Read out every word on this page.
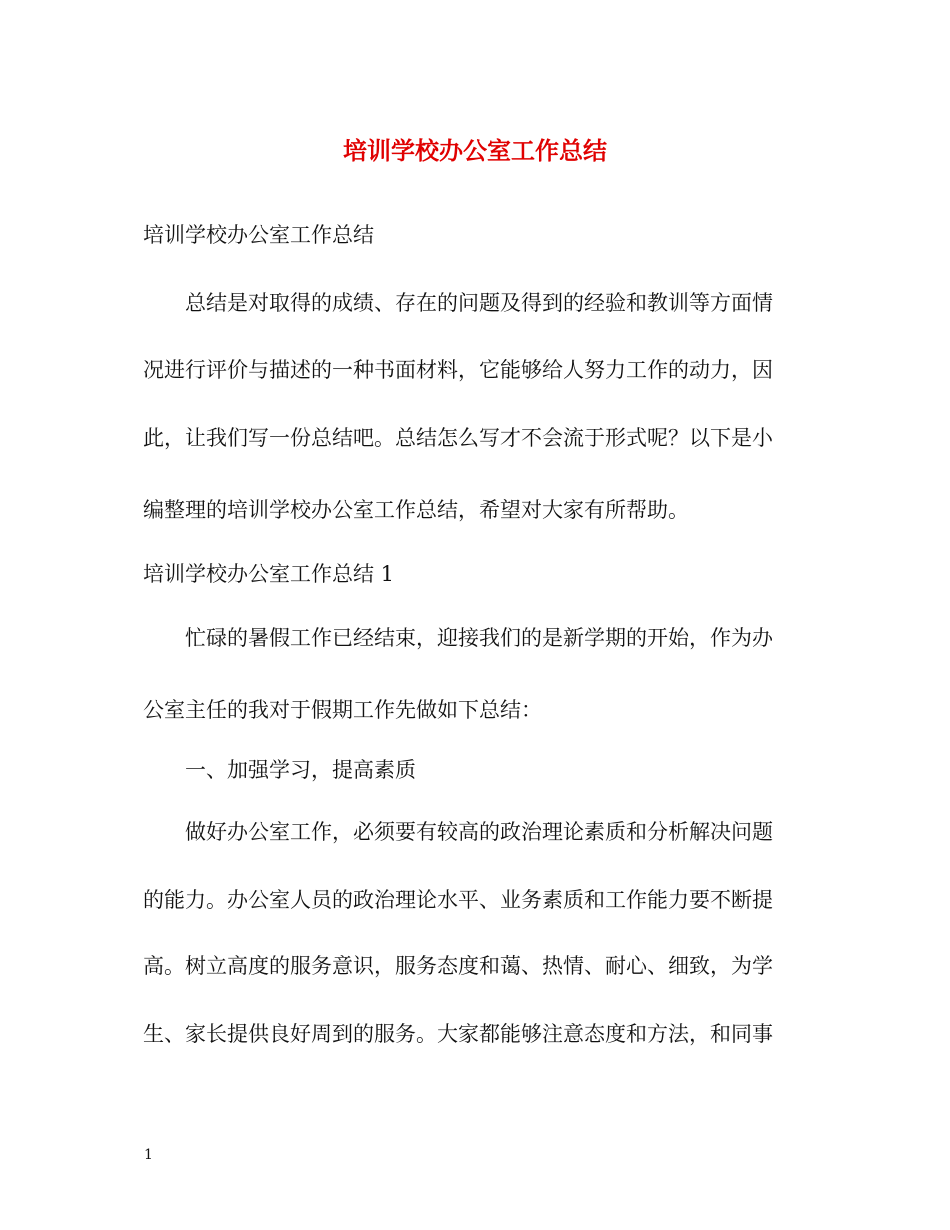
培训学校办公室工作总结

培训学校办公室工作总结

总结是对取得的成绩、存在的问题及得到的经验和教训等方面情

况进行评价与描述的一种书面材料，它能够给人努力工作的动力，因

此，让我们写一份总结吧。总结怎么写才不会流于形式呢？以下是小

编整理的培训学校办公室工作总结，希望对大家有所帮助。

培训学校办公室工作总结 1

忙碌的暑假工作已经结束，迎接我们的是新学期的开始，作为办

公室主任的我对于假期工作先做如下总结：

一、加强学习，提高素质

做好办公室工作，必须要有较高的政治理论素质和分析解决问题

的能力。办公室人员的政治理论水平、业务素质和工作能力要不断提

高。树立高度的服务意识，服务态度和蔼、热情、耐心、细致，为学

生、家长提供良好周到的服务。大家都能够注意态度和方法，和同事

1
